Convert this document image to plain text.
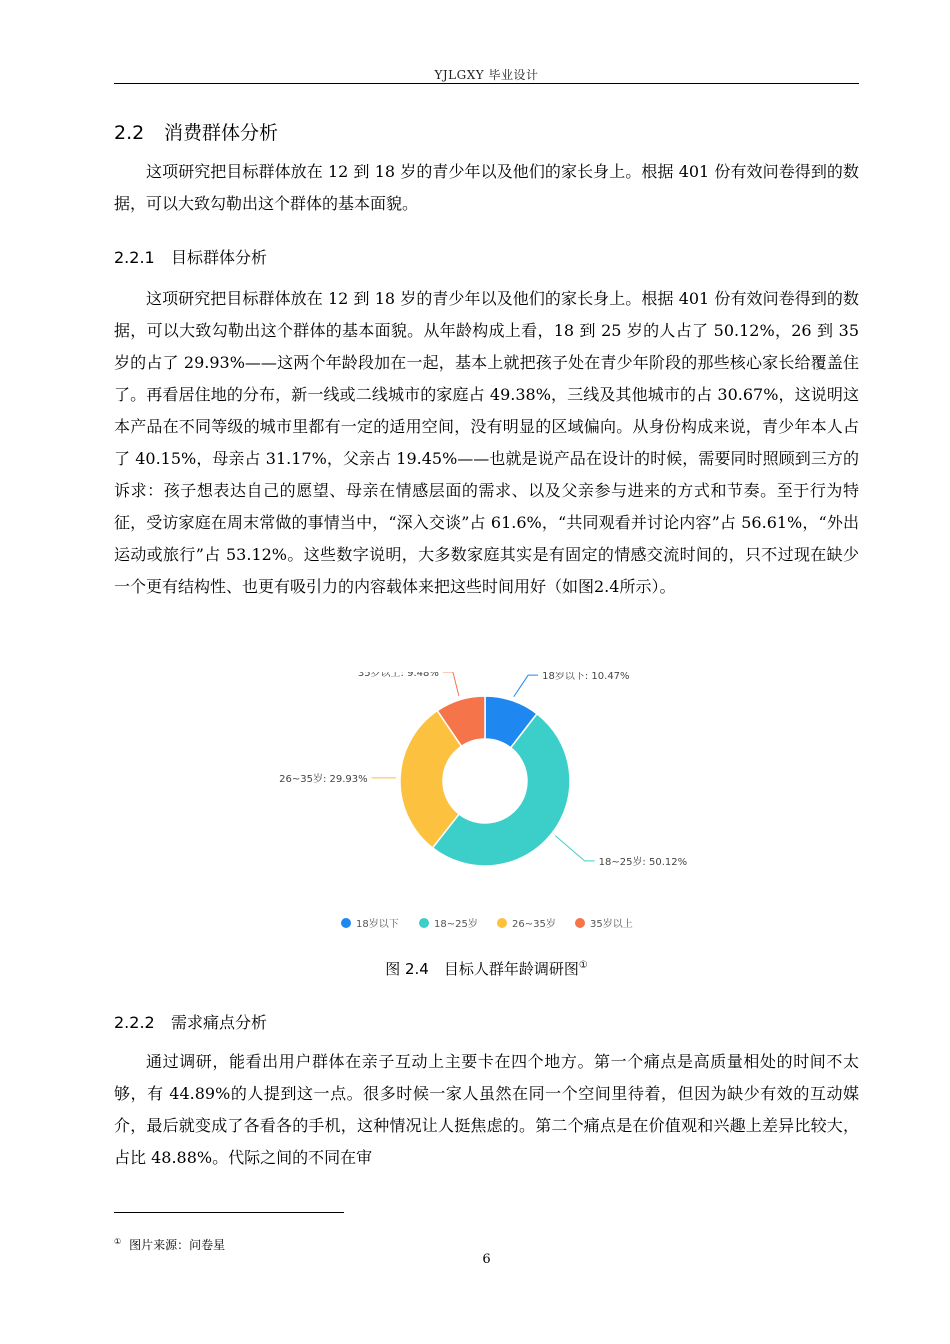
YJLGXY 毕业设计
2.2 消费群体分析

这项研究把目标群体放在 12 到 18 岁的青少年以及他们的家长身上。根据 401 份有效问卷得到的数据，可以大致勾勒出这个群体的基本面貌。

2.2.1 目标群体分析

这项研究把目标群体放在 12 到 18 岁的青少年以及他们的家长身上。根据 401 份有效问卷得到的数据，可以大致勾勒出这个群体的基本面貌。从年龄构成上看，18 到 25 岁的人占了 50.12%，26 到 35 岁的占了 29.93%——这两个年龄段加在一起，基本上就把孩子处在青少年阶段的那些核心家长给覆盖住了。再看居住地的分布，新一线或二线城市的家庭占 49.38%，三线及其他城市的占 30.67%，这说明这本产品在不同等级的城市里都有一定的适用空间，没有明显的区域偏向。从身份构成来说，青少年本人占了 40.15%，母亲占 31.17%，父亲占 19.45%——也就是说产品在设计的时候，需要同时照顾到三方的诉求：孩子想表达自己的愿望、母亲在情感层面的需求、以及父亲参与进来的方式和节奏。至于行为特征，受访家庭在周末常做的事情当中，“深入交谈”占 61.6%，“共同观看并讨论内容”占 56.61%，“外出运动或旅行”占 53.12%。这些数字说明，大多数家庭其实是有固定的情感交流时间的，只不过现在缺少一个更有结构性、也更有吸引力的内容载体来把这些时间用好（如图2.4所示）。

18岁以下: 10.47%
18~25岁: 50.12%
26~35岁: 29.93%
35岁以上: 9.48%
18岁以下	18~25岁	26~35岁	35岁以上
图 2.4　目标人群年龄调研图①
2.2.2 需求痛点分析

通过调研，能看出用户群体在亲子互动上主要卡在四个地方。第一个痛点是高质量相处的时间不太够，有 44.89%的人提到这一点。很多时候一家人虽然在同一个空间里待着，但因为缺少有效的互动媒介，最后就变成了各看各的手机，这种情况让人挺焦虑的。第二个痛点是在价值观和兴趣上差异比较大，占比 48.88%。代际之间的不同在审

① 图片来源：问卷星
6
